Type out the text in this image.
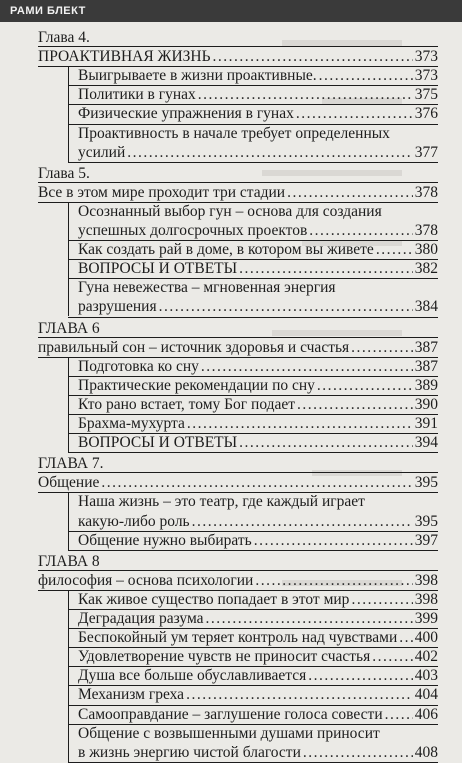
РАМИ БЛЕКТ
Глава 4.
ПРОАКТИВНАЯ ЖИЗНЬ .....	373
Выигрываете в жизни проактивные. .....	373
Политики в гунах .....	375
Физические упражнения в гунах .....	376
Проактивность в начале требует определенных
усилий .....	377
Глава 5.
Все в этом мире проходит три стадии .....	378
Осознанный выбор гун – основа для создания
успешных долгосрочных проектов .....	378
Как создать рай в доме, в котором вы живете .....	380
ВОПРОСЫ И ОТВЕТЫ .....	382
Гуна невежества – мгновенная энергия
разрушения .....	384
ГЛАВА 6
правильный сон – источник здоровья и счастья .....	387
Подготовка ко сну .....	387
Практические рекомендации по сну .....	389
Кто рано встает, тому Бог подает .....	390
Брахма-мухурта .....	391
ВОПРОСЫ И ОТВЕТЫ .....	394
ГЛАВА 7.
Общение .....	395
Наша жизнь – это театр, где каждый играет
какую-либо роль .....	395
Общение нужно выбирать .....	397
ГЛАВА 8
философия – основа психологии .....	398
Как живое существо попадает в этот мир .....	398
Деградация разума .....	399
Беспокойный ум теряет контроль над чувствами ..... 400
Удовлетворение чувств не приносит счастья .....	402
Душа все больше обуславливается .....	403
Механизм греха .....	404
Самооправдание – заглушение голоса совести ..... 406
Общение с возвышенными душами приносит
в жизнь энергию чистой благости .....	408
